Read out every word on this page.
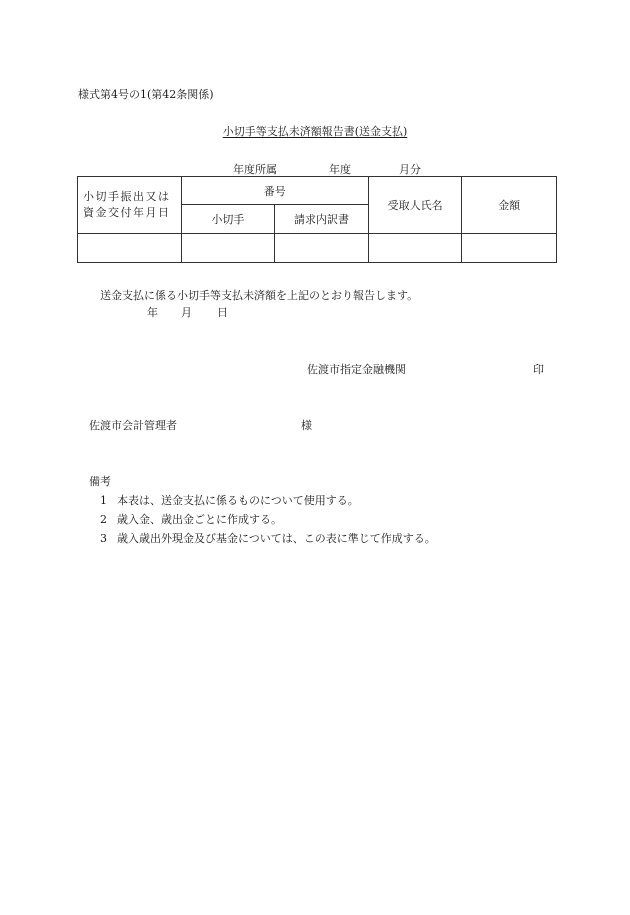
様式第4号の1(第42条関係)
小切手等支払未済額報告書(送金支払)
年度所属	年度	月分
小切手振出又は
資金交付年月日	番号		受取人氏名	金額
	小切手	請求内訳書		

送金支払に係る小切手等支払未済額を上記のとおり報告します。
年 月 日
佐渡市指定金融機関	印
佐渡市会計管理者	様
備考
1 本表は、送金支払に係るものについて使用する。
2 歳入金、歳出金ごとに作成する。
3 歳入歳出外現金及び基金については、この表に準じて作成する。
